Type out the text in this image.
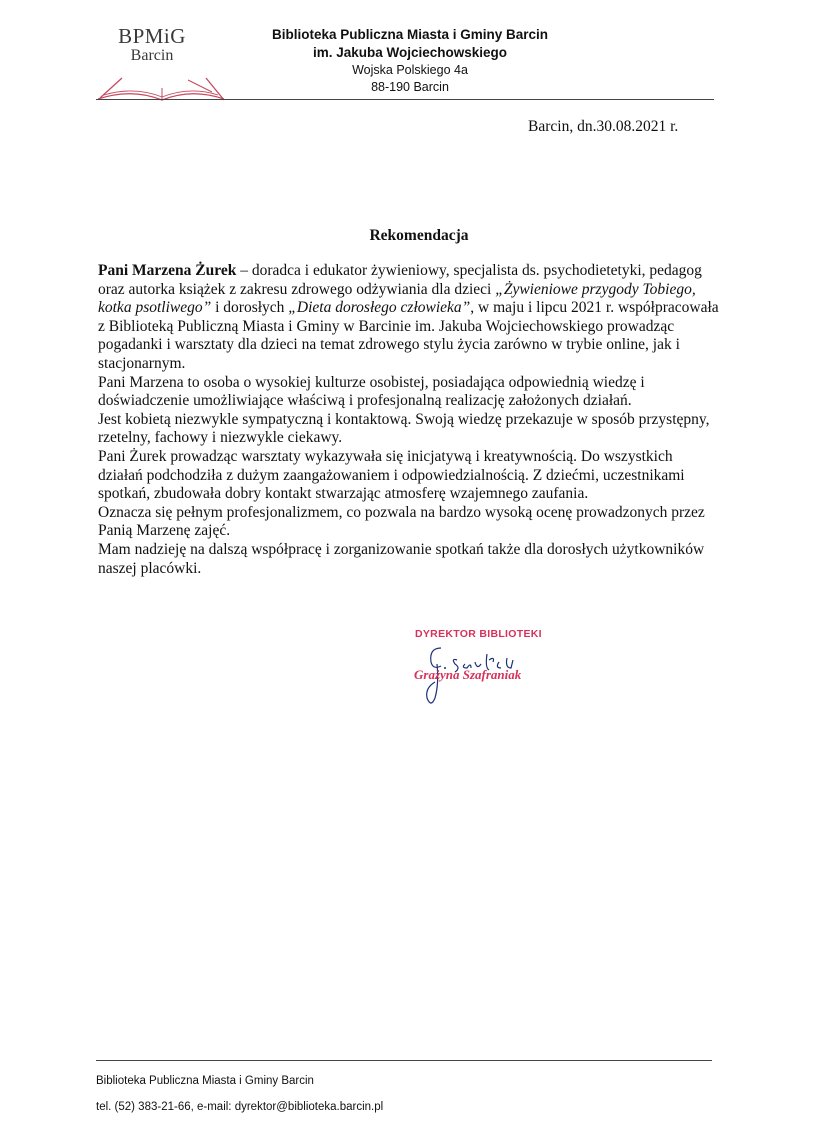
BPMiG
Barcin
Biblioteka Publiczna Miasta i Gminy Barcin
im. Jakuba Wojciechowskiego
Wojska Polskiego 4a
88-190 Barcin
Barcin, dn.30.08.2021 r.
Rekomendacja

Pani Marzena Żurek – doradca i edukator żywieniowy, specjalista ds. psychodietetyki, pedagog oraz autorka książek z zakresu zdrowego odżywiania dla dzieci „Żywieniowe przygody Tobiego, kotka psotliwego” i dorosłych „Dieta dorosłego człowieka”, w maju i lipcu 2021 r. współpracowała z Biblioteką Publiczną Miasta i Gminy w Barcinie im. Jakuba Wojciechowskiego prowadząc pogadanki i warsztaty dla dzieci na temat zdrowego stylu życia zarówno w trybie online, jak i stacjonarnym.

Pani Marzena to osoba o wysokiej kulturze osobistej, posiadająca odpowiednią wiedzę i doświadczenie umożliwiające właściwą i profesjonalną realizację założonych działań.

Jest kobietą niezwykle sympatyczną i kontaktową. Swoją wiedzę przekazuje w sposób przystępny, rzetelny, fachowy i niezwykle ciekawy.

Pani Żurek prowadząc warsztaty wykazywała się inicjatywą i kreatywnością. Do wszystkich działań podchodziła z dużym zaangażowaniem i odpowiedzialnością. Z dziećmi, uczestnikami spotkań, zbudowała dobry kontakt stwarzając atmosferę wzajemnego zaufania.

Oznacza się pełnym profesjonalizmem, co pozwala na bardzo wysoką ocenę prowadzonych przez Panią Marzenę zajęć.

Mam nadzieję na dalszą współpracę i zorganizowanie spotkań także dla dorosłych użytkowników naszej placówki.

DYREKTOR BIBLIOTEKI
Grażyna Szafraniak
Biblioteka Publiczna Miasta i Gminy Barcin
tel. (52) 383-21-66, e-mail: dyrektor@biblioteka.barcin.pl
